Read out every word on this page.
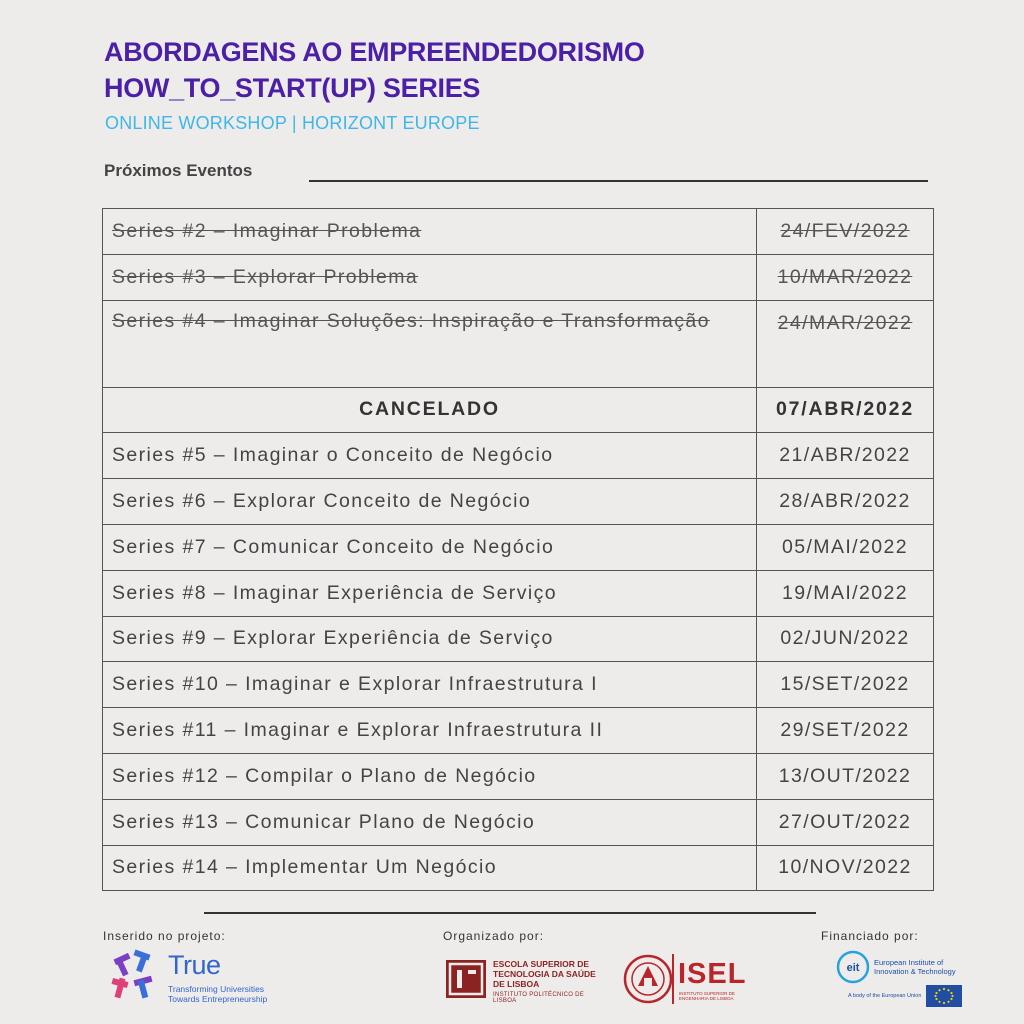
ABORDAGENS AO EMPREENDEDORISMO
HOW_TO_START(UP) SERIES
ONLINE WORKSHOP | HORIZONT EUROPE
Próximos Eventos
Series #2 – Imaginar Problema	24/FEV/2022
Series #3 – Explorar Problema	10/MAR/2022
Series #4 – Imaginar Soluções: Inspiração e Transformação	24/MAR/2022
CANCELADO	07/ABR/2022
Series #5 – Imaginar o Conceito de Negócio	21/ABR/2022
Series #6 – Explorar Conceito de Negócio	28/ABR/2022
Series #7 – Comunicar Conceito de Negócio	05/MAI/2022
Series #8 – Imaginar Experiência de Serviço	19/MAI/2022
Series #9 – Explorar Experiência de Serviço	02/JUN/2022
Series #10 – Imaginar e Explorar Infraestrutura I	15/SET/2022
Series #11 – Imaginar e Explorar Infraestrutura II	29/SET/2022
Series #12 – Compilar o Plano de Negócio	13/OUT/2022
Series #13 – Comunicar Plano de Negócio	27/OUT/2022
Series #14 – Implementar Um Negócio	10/NOV/2022
Inserido no projeto:	Organizado por:	Financiado por:
True
Transforming Universities
Towards Entrepreneurship
ESCOLA SUPERIOR DE
TECNOLOGIA DA SAÚDE
DE LISBOA
INSTITUTO POLITÉCNICO DE LISBOA
ISEL
INSTITUTO SUPERIOR DE ENGENHARIA DE LISBOA
eit European Institute of
Innovation & Technology
A body of the European Union
